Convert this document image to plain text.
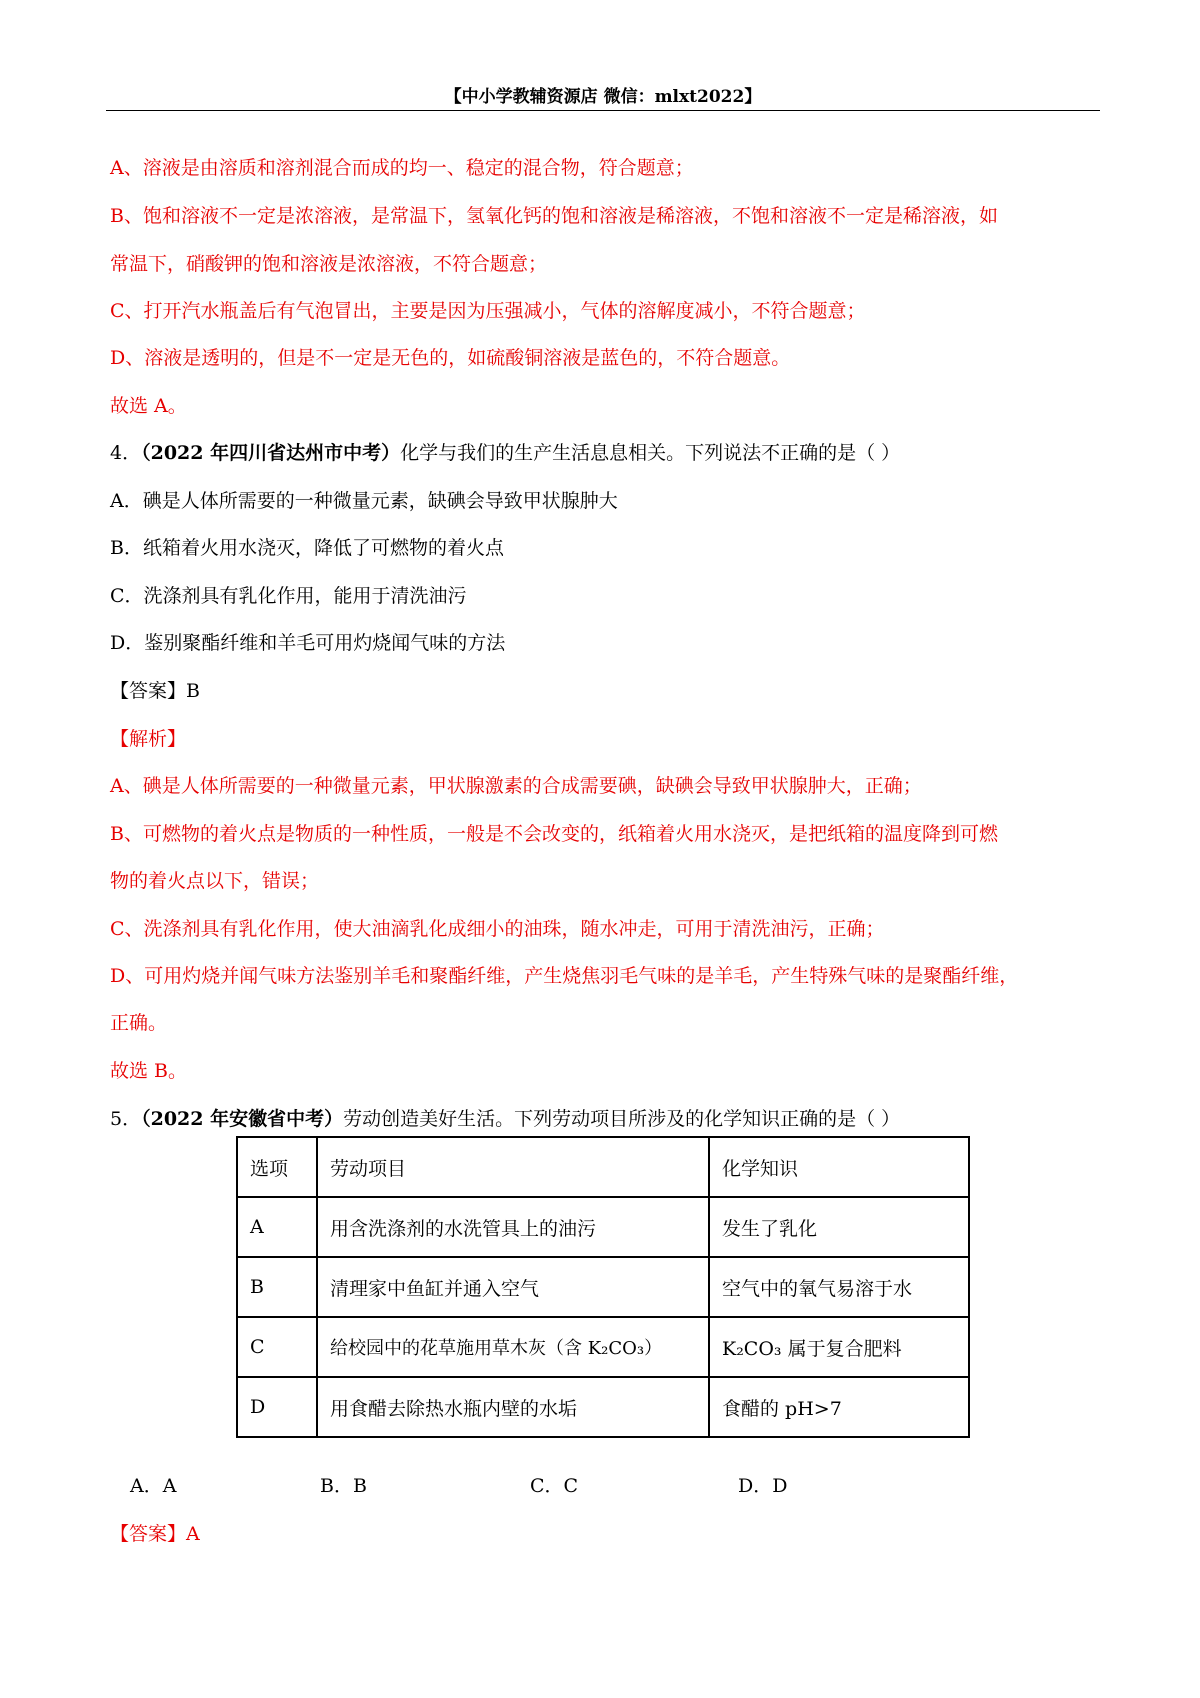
【中小学教辅资源店 微信：mlxt2022】
A、溶液是由溶质和溶剂混合而成的均一、稳定的混合物，符合题意；
B、饱和溶液不一定是浓溶液，是常温下，氢氧化钙的饱和溶液是稀溶液，不饱和溶液不一定是稀溶液，如
常温下，硝酸钾的饱和溶液是浓溶液，不符合题意；
C、打开汽水瓶盖后有气泡冒出，主要是因为压强减小，气体的溶解度减小，不符合题意；
D、溶液是透明的，但是不一定是无色的，如硫酸铜溶液是蓝色的，不符合题意。
故选 A。
4．（2022 年四川省达州市中考）化学与我们的生产生活息息相关。下列说法不正确的是（ ）
A．碘是人体所需要的一种微量元素，缺碘会导致甲状腺肿大
B．纸箱着火用水浇灭，降低了可燃物的着火点
C．洗涤剂具有乳化作用，能用于清洗油污
D．鉴别聚酯纤维和羊毛可用灼烧闻气味的方法
【答案】B
【解析】
A、碘是人体所需要的一种微量元素，甲状腺激素的合成需要碘，缺碘会导致甲状腺肿大，正确；
B、可燃物的着火点是物质的一种性质，一般是不会改变的，纸箱着火用水浇灭，是把纸箱的温度降到可燃
物的着火点以下，错误；
C、洗涤剂具有乳化作用，使大油滴乳化成细小的油珠，随水冲走，可用于清洗油污，正确；
D、可用灼烧并闻气味方法鉴别羊毛和聚酯纤维，产生烧焦羽毛气味的是羊毛，产生特殊气味的是聚酯纤维，
正确。
故选 B。
5．（2022 年安徽省中考）劳动创造美好生活。下列劳动项目所涉及的化学知识正确的是（ ）
选项	劳动项目	化学知识
A	用含洗涤剂的水洗管具上的油污	发生了乳化
B	清理家中鱼缸并通入空气	空气中的氧气易溶于水
C	给校园中的花草施用草木灰（含 K₂CO₃）	K₂CO₃ 属于复合肥料
D	用食醋去除热水瓶内壁的水垢	食醋的 pH>7
A．A	B．B	C．C	D．D
【答案】A
